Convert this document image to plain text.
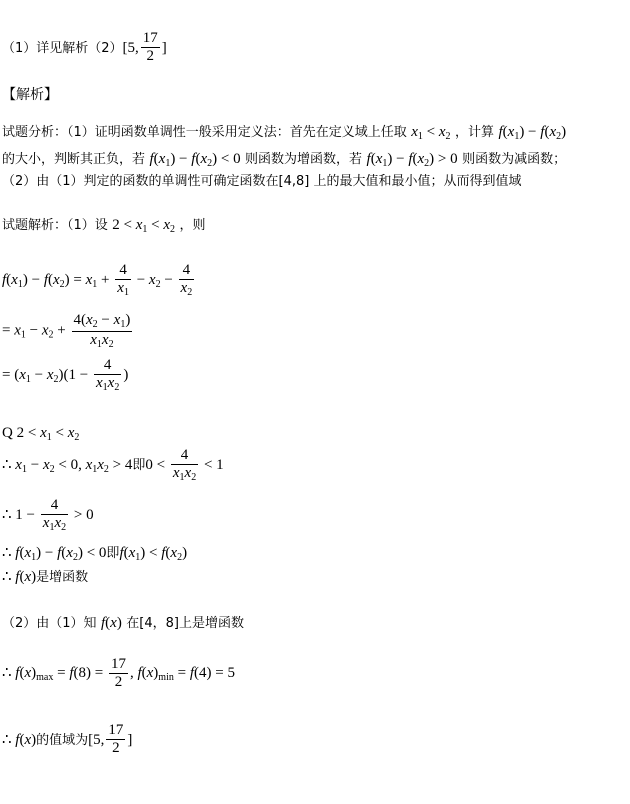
（1）详见解析（2）[5, $\frac{17}{2}$ ]
【解析】
试题分析：（1）证明函数单调性一般采用定义法：首先在定义域上任取 $x_1 < x_2$ ，计算 $f(x_1) - f(x_2)$
的大小，判断其正负，若 $f(x_1) - f(x_2) < 0$ 则函数为增函数，若 $f(x_1) - f(x_2) > 0$ 则函数为减函数；
（2）由（1）判定的函数的单调性可确定函数在[4,8] 上的最大值和最小值；从而得到值域
试题解析：（1）设 $2 < x_1 < x_2$ ，则
$f(x_1) - f(x_2) = x_1 + \frac{4}{x_1} - x_2 - \frac{4}{x_2}$
= $x_1 - x_2 + \frac{4(x_2 - x_1)}{x_1x_2}$
= $(x_1 - x_2)(1 - \frac{4}{x_1x_2}$ )
Q $2 < x_1 < x_2$
∴ $x_1 - x_2 < 0$, $x_1x_2 > 4$即$0 < \frac{4}{x_1x_2} < 1$
∴ $1 - \frac{4}{x_1x_2} > 0$
∴ $f(x_1) - f(x_2) < 0$即$f(x_1) < f(x_2)$
∴ f(x)是增函数
（2）由（1）知 f(x) 在[4，8]上是增函数
∴ $f(x)_{max} = f(8) = \frac{17}{2}$ , $f(x)_{min} = f(4) = 5$
∴ f(x)的值域为[5, $\frac{17}{2}$ ]
